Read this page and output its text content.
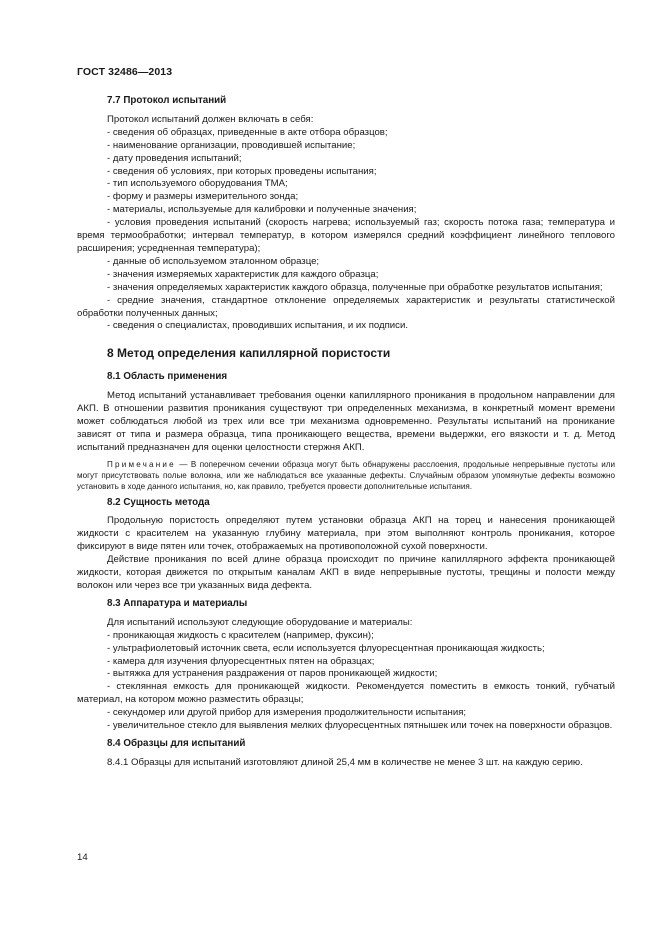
ГОСТ 32486—2013
7.7 Протокол испытаний

Протокол испытаний должен включать в себя:

- сведения об образцах, приведенные в акте отбора образцов;

- наименование организации, проводившей испытание;

- дату проведения испытаний;

- сведения об условиях, при которых проведены испытания;

- тип используемого оборудования ТМА;

- форму и размеры измерительного зонда;

- материалы, используемые для калибровки и полученные значения;

- условия проведения испытаний (скорость нагрева; используемый газ; скорость потока газа; температура и время термообработки; интервал температур, в котором измерялся средний коэффициент линейного теплового расширения; усредненная температура);

- данные об используемом эталонном образце;

- значения измеряемых характеристик для каждого образца;

- значения определяемых характеристик каждого образца, полученные при обработке результатов испытания;

- средние значения, стандартное отклонение определяемых характеристик и результаты статистической обработки полученных данных;

- сведения о специалистах, проводивших испытания, и их подписи.

8 Метод определения капиллярной пористости
8.1 Область применения

Метод испытаний устанавливает требования оценки капиллярного проникания в продольном направлении для АКП. В отношении развития проникания существуют три определенных механизма, в конкретный момент времени может соблюдаться любой из трех или все три механизма одновременно. Результаты испытаний на проникание зависят от типа и размера образца, типа проникающего вещества, времени выдержки, его вязкости и т. д. Метод испытаний предназначен для оценки целостности стержня АКП.

Примечание — В поперечном сечении образца могут быть обнаружены расслоения, продольные непрерывные пустоты или могут присутствовать полые волокна, или же наблюдаться все указанные дефекты. Случайным образом упомянутые дефекты возможно установить в ходе данного испытания, но, как правило, требуется провести дополнительные испытания.

8.2 Сущность метода

Продольную пористость определяют путем установки образца АКП на торец и нанесения проникающей жидкости с красителем на указанную глубину материала, при этом выполняют контроль проникания, которое фиксируют в виде пятен или точек, отображаемых на противоположной сухой поверхности.

Действие проникания по всей длине образца происходит по причине капиллярного эффекта проникающей жидкости, которая движется по открытым каналам АКП в виде непрерывные пустоты, трещины и полости между волокон или через все три указанных вида дефекта.

8.3 Аппаратура и материалы

Для испытаний используют следующие оборудование и материалы:

- проникающая жидкость с красителем (например, фуксин);

- ультрафиолетовый источник света, если используется флуоресцентная проникающая жидкость;

- камера для изучения флуоресцентных пятен на образцах;

- вытяжка для устранения раздражения от паров проникающей жидкости;

- стеклянная емкость для проникающей жидкости. Рекомендуется поместить в емкость тонкий, губчатый материал, на котором можно разместить образцы;

- секундомер или другой прибор для измерения продолжительности испытания;

- увеличительное стекло для выявления мелких флуоресцентных пятнышек или точек на поверхности образцов.

8.4 Образцы для испытаний

8.4.1 Образцы для испытаний изготовляют длиной 25,4 мм в количестве не менее 3 шт. на каждую серию.

14
